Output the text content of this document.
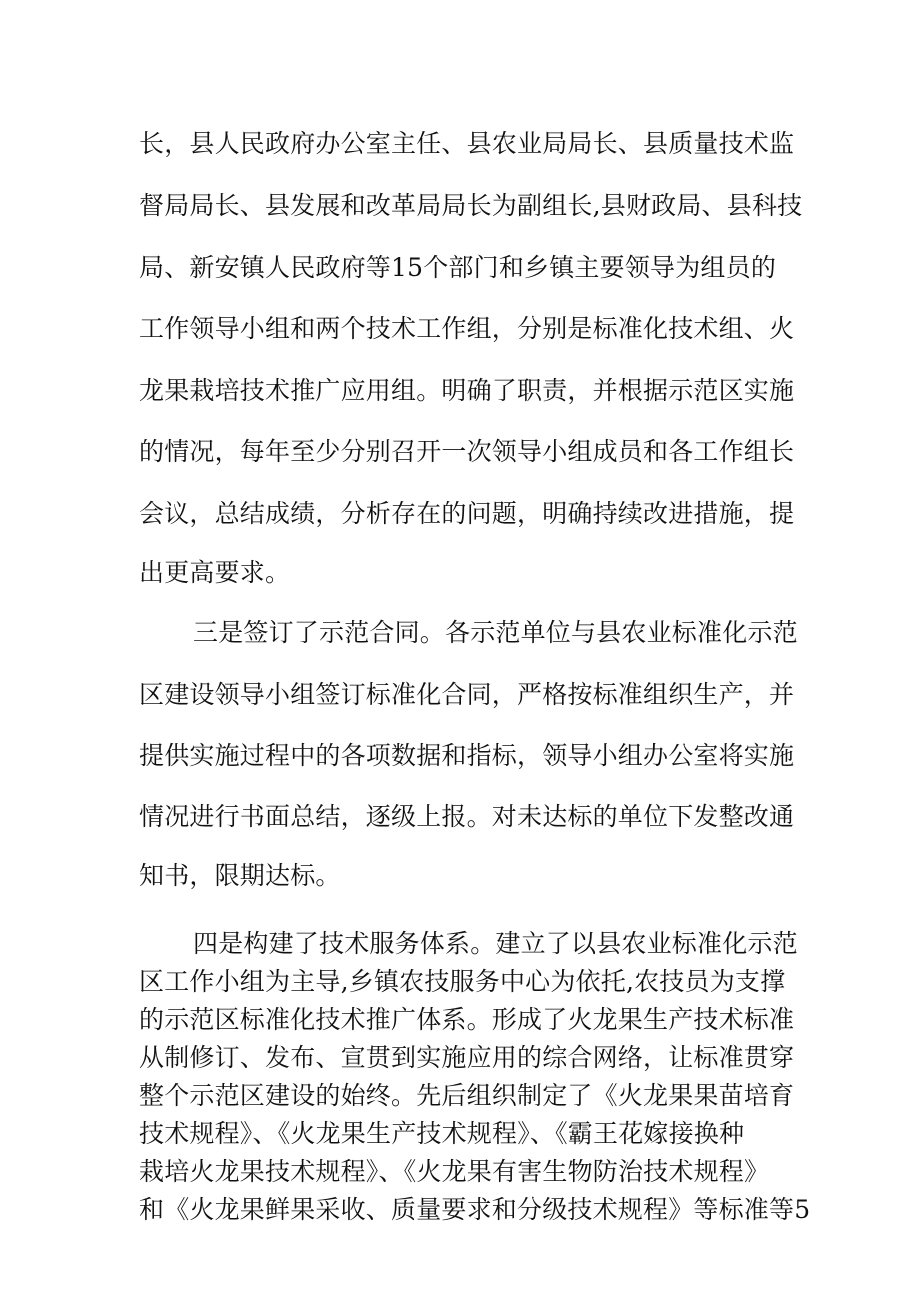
长，县人民政府办公室主任、县农业局局长、县质量技术监
督局局长、县发展和改革局局长为副组长,县财政局、县科技
局、新安镇人民政府等15个部门和乡镇主要领导为组员的
工作领导小组和两个技术工作组，分别是标准化技术组、火
龙果栽培技术推广应用组。明确了职责，并根据示范区实施
的情况，每年至少分别召开一次领导小组成员和各工作组长
会议，总结成绩，分析存在的问题，明确持续改进措施，提
出更高要求。
三是签订了示范合同。各示范单位与县农业标准化示范
区建设领导小组签订标准化合同，严格按标准组织生产，并
提供实施过程中的各项数据和指标，领导小组办公室将实施
情况进行书面总结，逐级上报。对未达标的单位下发整改通
知书，限期达标。
四是构建了技术服务体系。建立了以县农业标准化示范
区工作小组为主导,乡镇农技服务中心为依托,农技员为支撑
的示范区标准化技术推广体系。形成了火龙果生产技术标准
从制修订、发布、宣贯到实施应用的综合网络，让标准贯穿
整个示范区建设的始终。先后组织制定了《火龙果果苗培育
技术规程》、《火龙果生产技术规程》、《霸王花嫁接换种
栽培火龙果技术规程》、《火龙果有害生物防治技术规程》
和《火龙果鲜果采收、质量要求和分级技术规程》等标准等5
